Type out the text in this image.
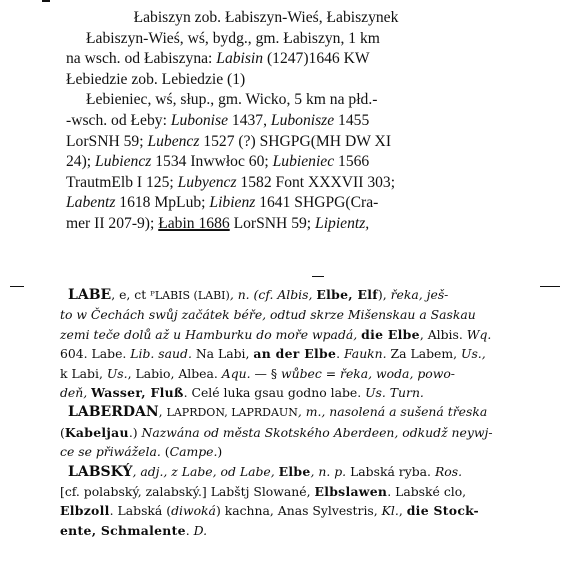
Łabiszyn zob. Łabiszyn-Wieś, Łabiszynek
Łabiszyn-Wieś, wś, bydg., gm. Łabiszyn, 1 km
na wsch. od Łabiszyna: Labisin (1247)1646 KW
Łebiedzie zob. Lebiedzie (1)
Łebieniec, wś, słup., gm. Wicko, 5 km na płd.-
-wsch. od Łeby: Lubonise 1437, Lubonisze 1455
LorSNH 59; Lubencz 1527 (?) SHGPG(MH DW XI
24); Lubiencz 1534 Inwwłoc 60; Lubieniec 1566
TrautmElb I 125; Lubyencz 1582 Font XXXVII 303;
Labentz 1618 MpLub; Libienz 1641 SHGPG(Cra-
mer II 207-9); Łabin 1686 LorSNH 59; Lipientz,
LABE, e, ct ᴾLABIS (LABI), n. (cf. Albis, Elbe, Elf), řeka, ješ-
to w Čechách swůj začátek béře, odtud skrze Mišenskau a Saskau
zemi teče dolů až u Hamburku do moře wpadá, die Elbe, Albis. Wq.
604. Labe. Lib. saud. Na Labi, an der Elbe. Faukn. Za Labem, Us.,
k Labi, Us., Labio, Albea. Aqu. — § wůbec = řeka, woda, powo-
deň, Wasser, Fluß. Celé luka gsau godno labe. Us. Turn.
LABERDAN, LAPRDON, LAPRDAUN, m., nasolená a sušená třeska
(Kabeljau.) Nazwána od města Skotského Aberdeen, odkudž neywj-
ce se přiwážela. (Campe.)
LABSKÝ, adj., z Labe, od Labe, Elbe, n. p. Labská ryba. Ros.
[cf. polabský, zalabský.] Labštj Slowané, Elbslawen. Labské clo,
Elbzoll. Labská (diwoká) kachna, Anas Sylvestris, Kl., die Stock-
ente, Schmalente. D.
